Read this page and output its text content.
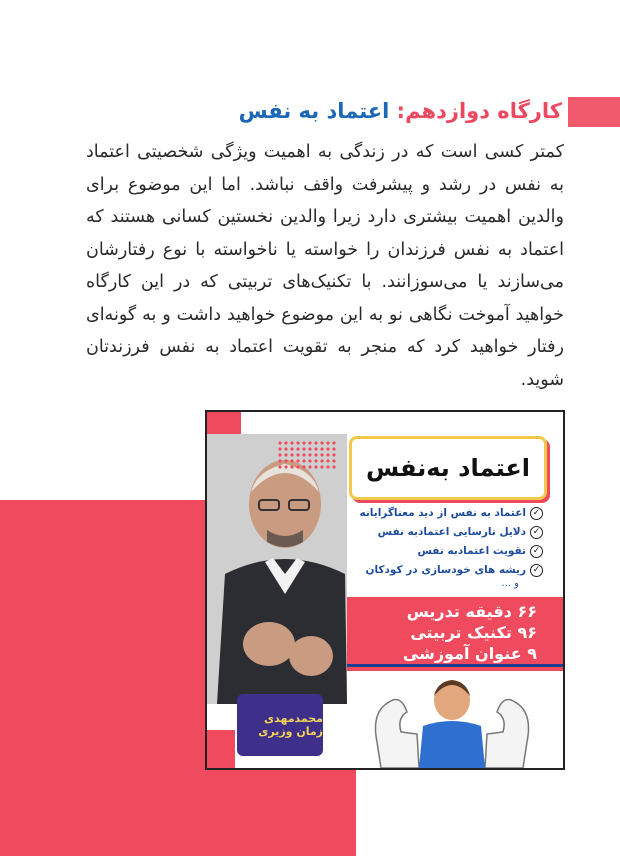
کارگاه دوازدهم: اعتماد به نفس

کمتر کسی است که در زندگی به اهمیت ویژگی شخصیتی اعتماد به نفس در رشد و پیشرفت واقف نباشد. اما این موضوع برای والدین اهمیت بیشتری دارد زیرا والدین نخستین کسانی هستند که اعتماد به نفس فرزندان را خواسته یا ناخواسته با نوع رفتارشان می‌سازند یا می‌سوزانند. با تکنیک‌های تربیتی که در این کارگاه خواهید آموخت نگاهی نو به این موضوع خواهید داشت و به گونه‌ای رفتار خواهید کرد که منجر به تقویت اعتماد به نفس فرزندتان شوید.

اعتماد به‌نفس
✓
اعتماد به نفس از دید معناگرایانه
✓
دلایل نارسایی اعتمادبه نفس
✓
تقویت اعتمادبه نفس
✓
ریشه های خودسازی در کودکان
و ...
۶۶ دقیقه تدریس
۹۶ تکنیک تربیتی
۹ عنوان آموزشی
محمدمهدی زمان وزیری
